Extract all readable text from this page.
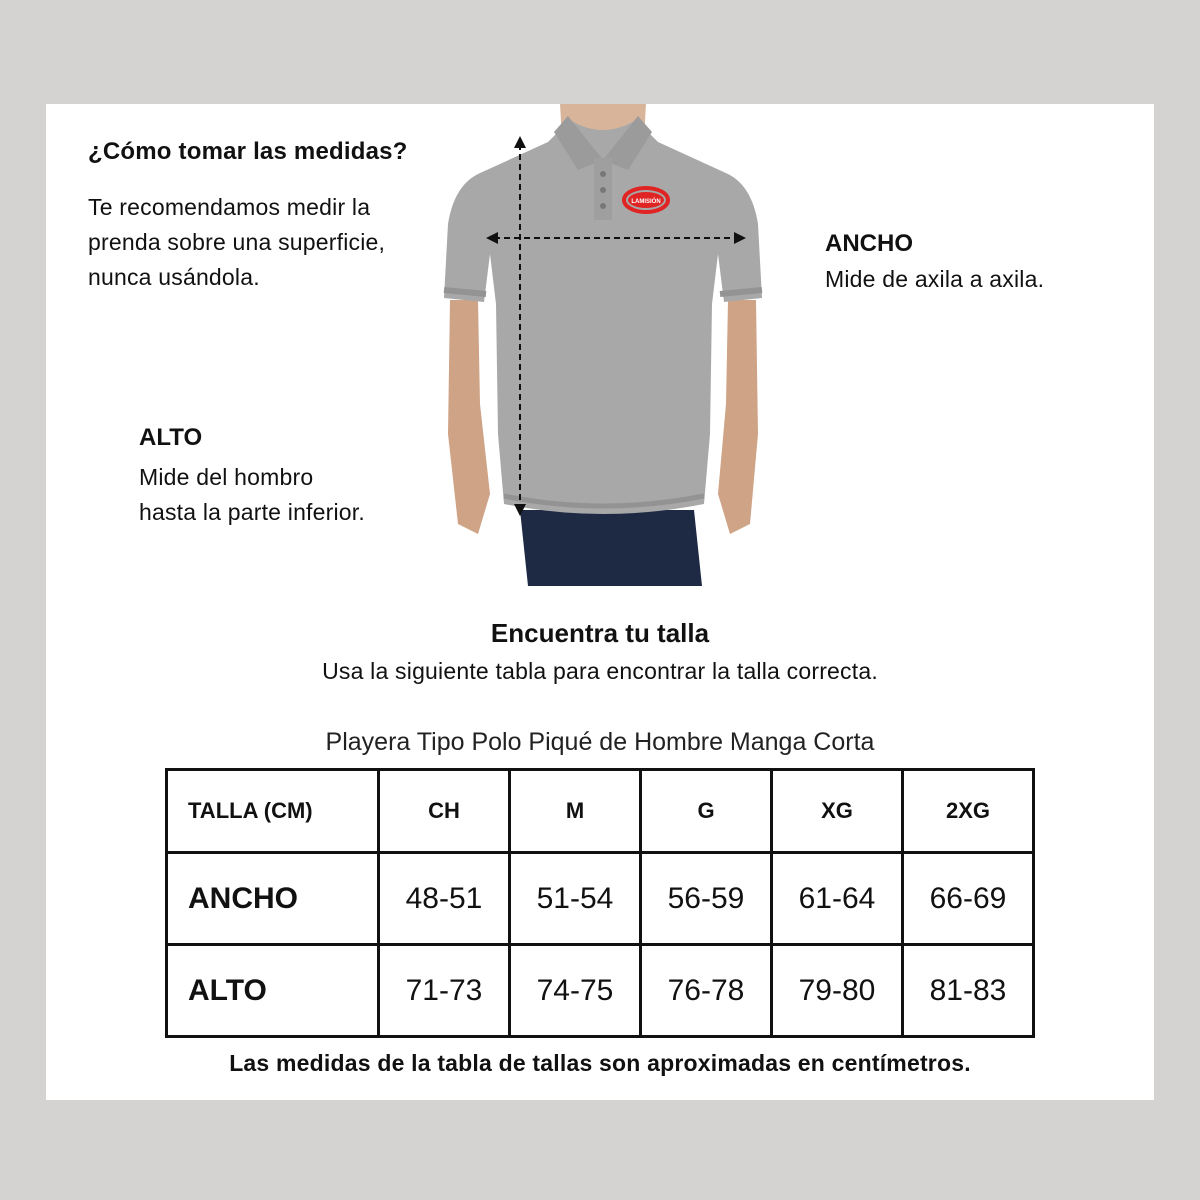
¿Cómo tomar las medidas?
Te recomendamos medir la
prenda sobre una superficie,
nunca usándola.
ANCHO
Mide de axila a axila.
ALTO
Mide del hombro
hasta la parte inferior.
LAMISIÓN
Encuentra tu talla
Usa la siguiente tabla para encontrar la talla correcta.
Playera Tipo Polo Piqué de Hombre Manga Corta
TALLA (CM)	CH	M	G	XG	2XG
ANCHO	48-51	51-54	56-59	61-64	66-69
ALTO	71-73	74-75	76-78	79-80	81-83
Las medidas de la tabla de tallas son aproximadas en centímetros.
